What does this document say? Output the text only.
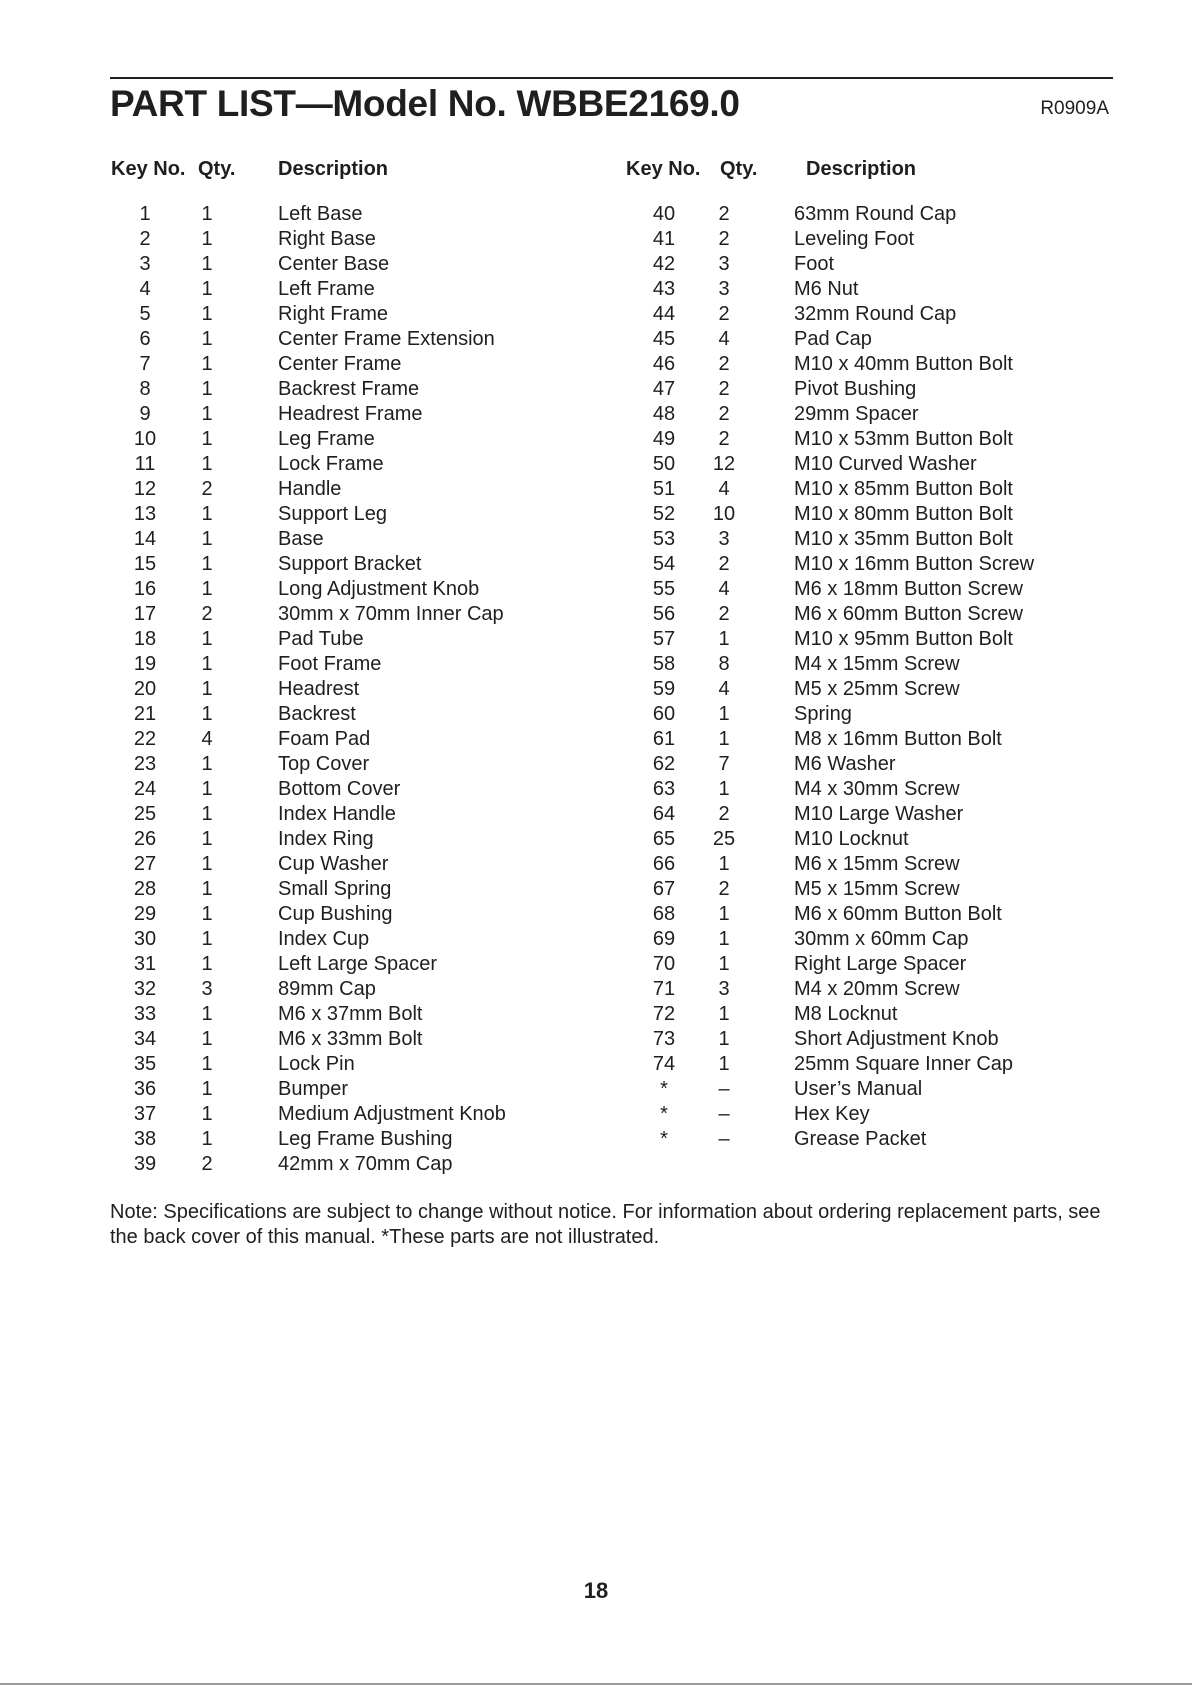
PART LIST—Model No. WBBE2169.0	R0909A
Key No. Qty. Description
1	1	Left Base
2	1	Right Base
3	1	Center Base
4	1	Left Frame
5	1	Right Frame
6	1	Center Frame Extension
7	1	Center Frame
8	1	Backrest Frame
9	1	Headrest Frame
10	1	Leg Frame
11	1	Lock Frame
12	2	Handle
13	1	Support Leg
14	1	Base
15	1	Support Bracket
16	1	Long Adjustment Knob
17	2	30mm x 70mm Inner Cap
18	1	Pad Tube
19	1	Foot Frame
20	1	Headrest
21	1	Backrest
22	4	Foam Pad
23	1	Top Cover
24	1	Bottom Cover
25	1	Index Handle
26	1	Index Ring
27	1	Cup Washer
28	1	Small Spring
29	1	Cup Bushing
30	1	Index Cup
31	1	Left Large Spacer
32	3	89mm Cap
33	1	M6 x 37mm Bolt
34	1	M6 x 33mm Bolt
35	1	Lock Pin
36	1	Bumper
37	1	Medium Adjustment Knob
38	1	Leg Frame Bushing
39	2	42mm x 70mm Cap
Key No. Qty. Description
40	2	63mm Round Cap
41	2	Leveling Foot
42	3	Foot
43	3	M6 Nut
44	2	32mm Round Cap
45	4	Pad Cap
46	2	M10 x 40mm Button Bolt
47	2	Pivot Bushing
48	2	29mm Spacer
49	2	M10 x 53mm Button Bolt
50	12	M10 Curved Washer
51	4	M10 x 85mm Button Bolt
52	10	M10 x 80mm Button Bolt
53	3	M10 x 35mm Button Bolt
54	2	M10 x 16mm Button Screw
55	4	M6 x 18mm Button Screw
56	2	M6 x 60mm Button Screw
57	1	M10 x 95mm Button Bolt
58	8	M4 x 15mm Screw
59	4	M5 x 25mm Screw
60	1	Spring
61	1	M8 x 16mm Button Bolt
62	7	M6 Washer
63	1	M4 x 30mm Screw
64	2	M10 Large Washer
65	25	M10 Locknut
66	1	M6 x 15mm Screw
67	2	M5 x 15mm Screw
68	1	M6 x 60mm Button Bolt
69	1	30mm x 60mm Cap
70	1	Right Large Spacer
71	3	M4 x 20mm Screw
72	1	M8 Locknut
73	1	Short Adjustment Knob
74	1	25mm Square Inner Cap
*	–	User’s Manual
*	–	Hex Key
*	–	Grease Packet
Note: Specifications are subject to change without notice. For information about ordering replacement parts, see the back cover of this manual. *These parts are not illustrated.
18
